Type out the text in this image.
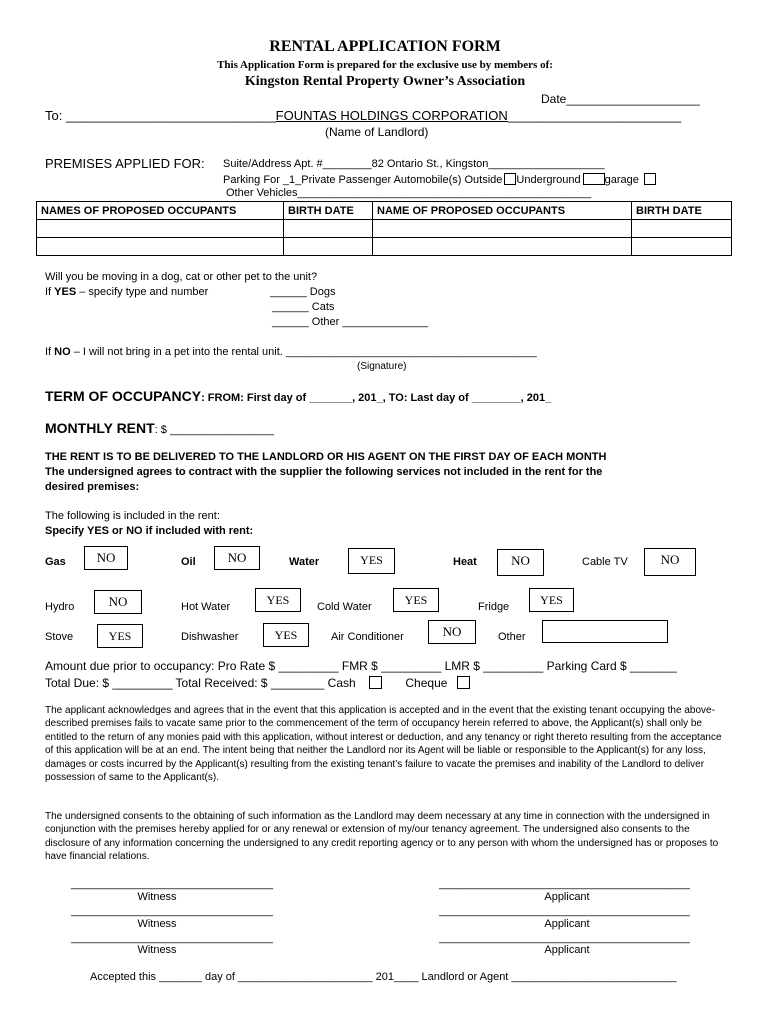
RENTAL APPLICATION FORM
This Application Form is prepared for the exclusive use by members of:
Kingston Rental Property Owner’s Association
Date____________________
To: _____________________________FOUNTAS HOLDINGS CORPORATION________________________
(Name of Landlord)
PREMISES APPLIED FOR: Suite/Address Apt. #________82 Ontario St., Kingston___________________
Parking For _1_Private Passenger Automobile(s) Outside Underground garage
Other Vehicles________________________________________________
NAMES OF PROPOSED OCCUPANTS	BIRTH DATE	NAME OF PROPOSED OCCUPANTS	BIRTH DATE

Will you be moving in a dog, cat or other pet to the unit?
If YES – specify type and number	______ Dogs
______ Cats
______ Other ______________
If NO – I will not bring in a pet into the rental unit. _________________________________________
(Signature)
TERM OF OCCUPANCY: FROM: First day of _______, 201_, TO: Last day of ________, 201_
MONTHLY RENT: $ _________________
THE RENT IS TO BE DELIVERED TO THE LANDLORD OR HIS AGENT ON THE FIRST DAY OF EACH MONTH
The undersigned agrees to contract with the supplier the following services not included in the rent for the
desired premises:
The following is included in the rent:
Specify YES or NO if included with rent:
Gas	NO	Oil	NO	Water	YES	Heat	NO	Cable TV	NO
Hydro	NO	Hot Water	YES	Cold Water	YES	Fridge	YES
Stove	YES	Dishwasher	YES	Air Conditioner	NO	Other
Amount due prior to occupancy: Pro Rate $ _________ FMR $ _________ LMR $ _________ Parking Card $ _______
Total Due: $ _________ Total Received: $ ________ Cash	Cheque
The applicant acknowledges and agrees that in the event that this application is accepted and in the event that the existing tenant occupying the above-described premises fails to vacate same prior to the commencement of the term of occupancy herein referred to above, the Applicant(s) shall only be entitled to the return of any monies paid with this application, without interest or deduction, and any tenancy or right thereto resulting from the acceptance of this application will be at an end. The intent being that neither the Landlord nor its Agent will be liable or responsible to the Applicant(s) for any loss, damages or costs incurred by the Applicant(s) resulting from the existing tenant’s failure to vacate the premises and inability of the Landlord to deliver possession of same to the Applicant(s).
The undersigned consents to the obtaining of such information as the Landlord may deem necessary at any time in connection with the undersigned in conjunction with the premises hereby applied for or any renewal or extension of my/our tenancy agreement. The undersigned also consents to the disclosure of any information concerning the undersigned to any credit reporting agency or to any person with whom the undersigned has or proposes to have financial relations.
_________________________________
Witness
_________________________________________
Applicant
_________________________________
Witness
_________________________________________
Applicant
_________________________________
Witness
_________________________________________
Applicant
Accepted this _______ day of ______________________ 201____ Landlord or Agent ___________________________
